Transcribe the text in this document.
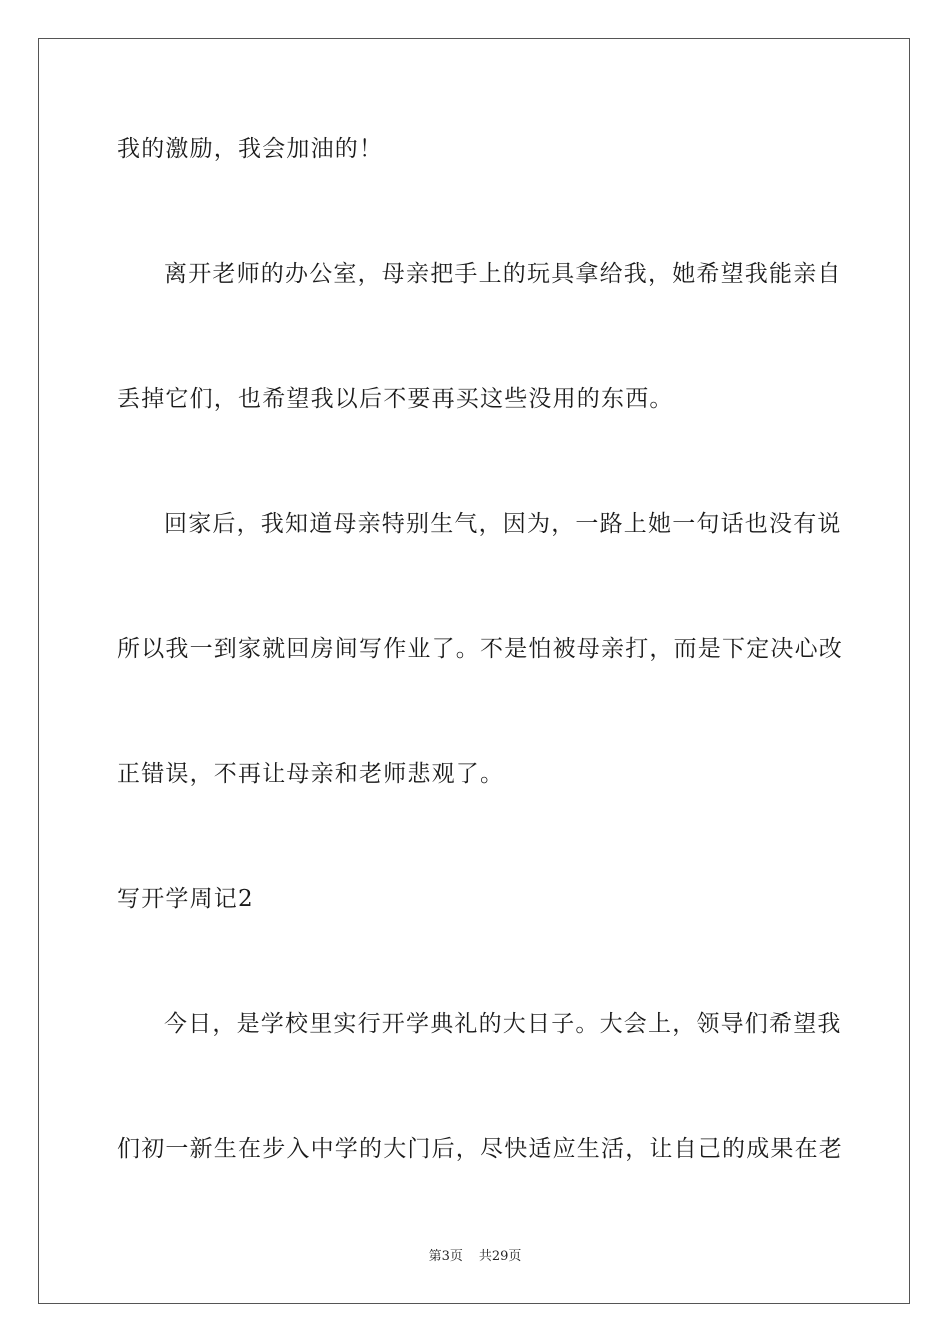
我的激励，我会加油的！
离开老师的办公室，母亲把手上的玩具拿给我，她希望我能亲自
丢掉它们，也希望我以后不要再买这些没用的东西。
回家后，我知道母亲特别生气，因为，一路上她一句话也没有说
所以我一到家就回房间写作业了。不是怕被母亲打，而是下定决心改
正错误，不再让母亲和老师悲观了。
写开学周记2
今日，是学校里实行开学典礼的大日子。大会上，领导们希望我
们初一新生在步入中学的大门后，尽快适应生活，让自己的成果在老
第3页 共29页
